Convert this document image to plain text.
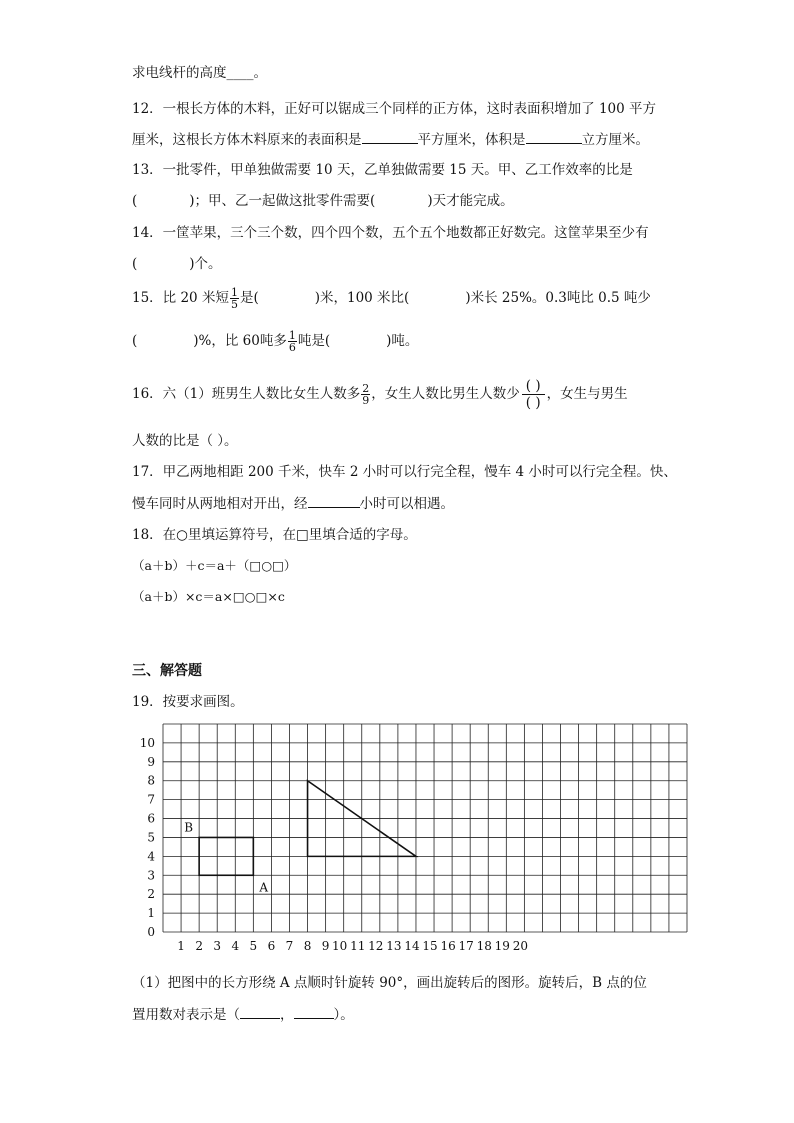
求电线杆的高度____。
12．一根长方体的木料，正好可以锯成三个同样的正方体，这时表面积增加了 100 平方
厘米，这根长方体木料原来的表面积是	平方厘米，体积是	立方厘米。
13．一批零件，甲单独做需要 10 天，乙单独做需要 15 天。甲、乙工作效率的比是
(	)；甲、乙一起做这批零件需要(	)天才能完成。
14．一筐苹果，三个三个数，四个四个数，五个五个地数都正好数完。这筐苹果至少有
(	)个。
15．比 20 米短 $\frac{1}{5}$ 是(	)米，100 米比(	)米长 25%。0.3吨比 0.5 吨少
(	)%，比 60吨多 $\frac{1}{6}$ 吨是(	)吨。
16．六（1）班男生人数比女生人数多 $\frac{2}{9}$ ，女生人数比男生人数少 ( )
( )
，女生与男生
人数的比是（ ）。
17．甲乙两地相距 200 千米，快车 2 小时可以行完全程，慢车 4 小时可以行完全程。快、
慢车同时从两地相对开出，经	小时可以相遇。
18．在○里填运算符号，在□里填合适的字母。
（a＋b）＋c＝a＋（□○□）
（a＋b）×c＝a×□○□×c
三、解答题
19．按要求画图。
1 2 3 4 5 6 7 8 9 10 11 12 13 14 15 16 17 18 19 20
0
1
2
3
4
5
6
7
8
9
10
B
A
（1）把图中的长方形绕 A 点顺时针旋转 90°，画出旋转后的图形。旋转后，B 点的位
置用数对表示是（	，	）。
